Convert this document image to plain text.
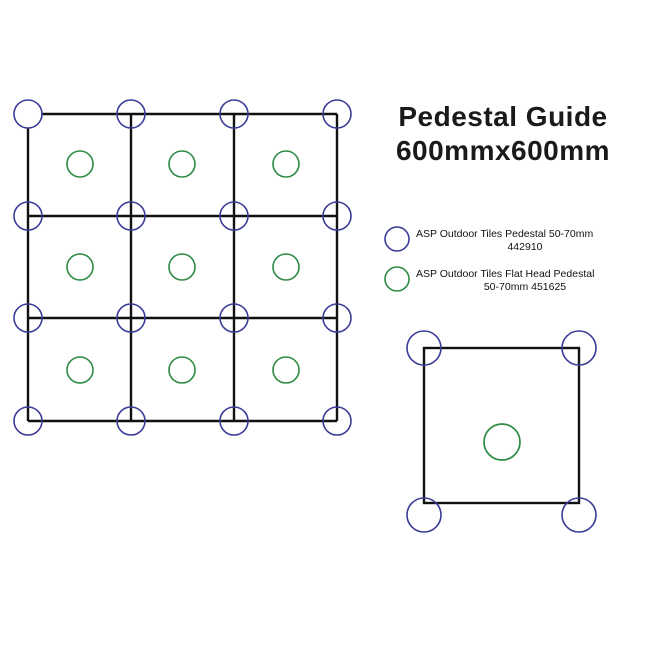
Pedestal Guide
600mmx600mm
ASP Outdoor Tiles Pedestal 50-70mm
442910
ASP Outdoor Tiles Flat Head Pedestal
50-70mm 451625
